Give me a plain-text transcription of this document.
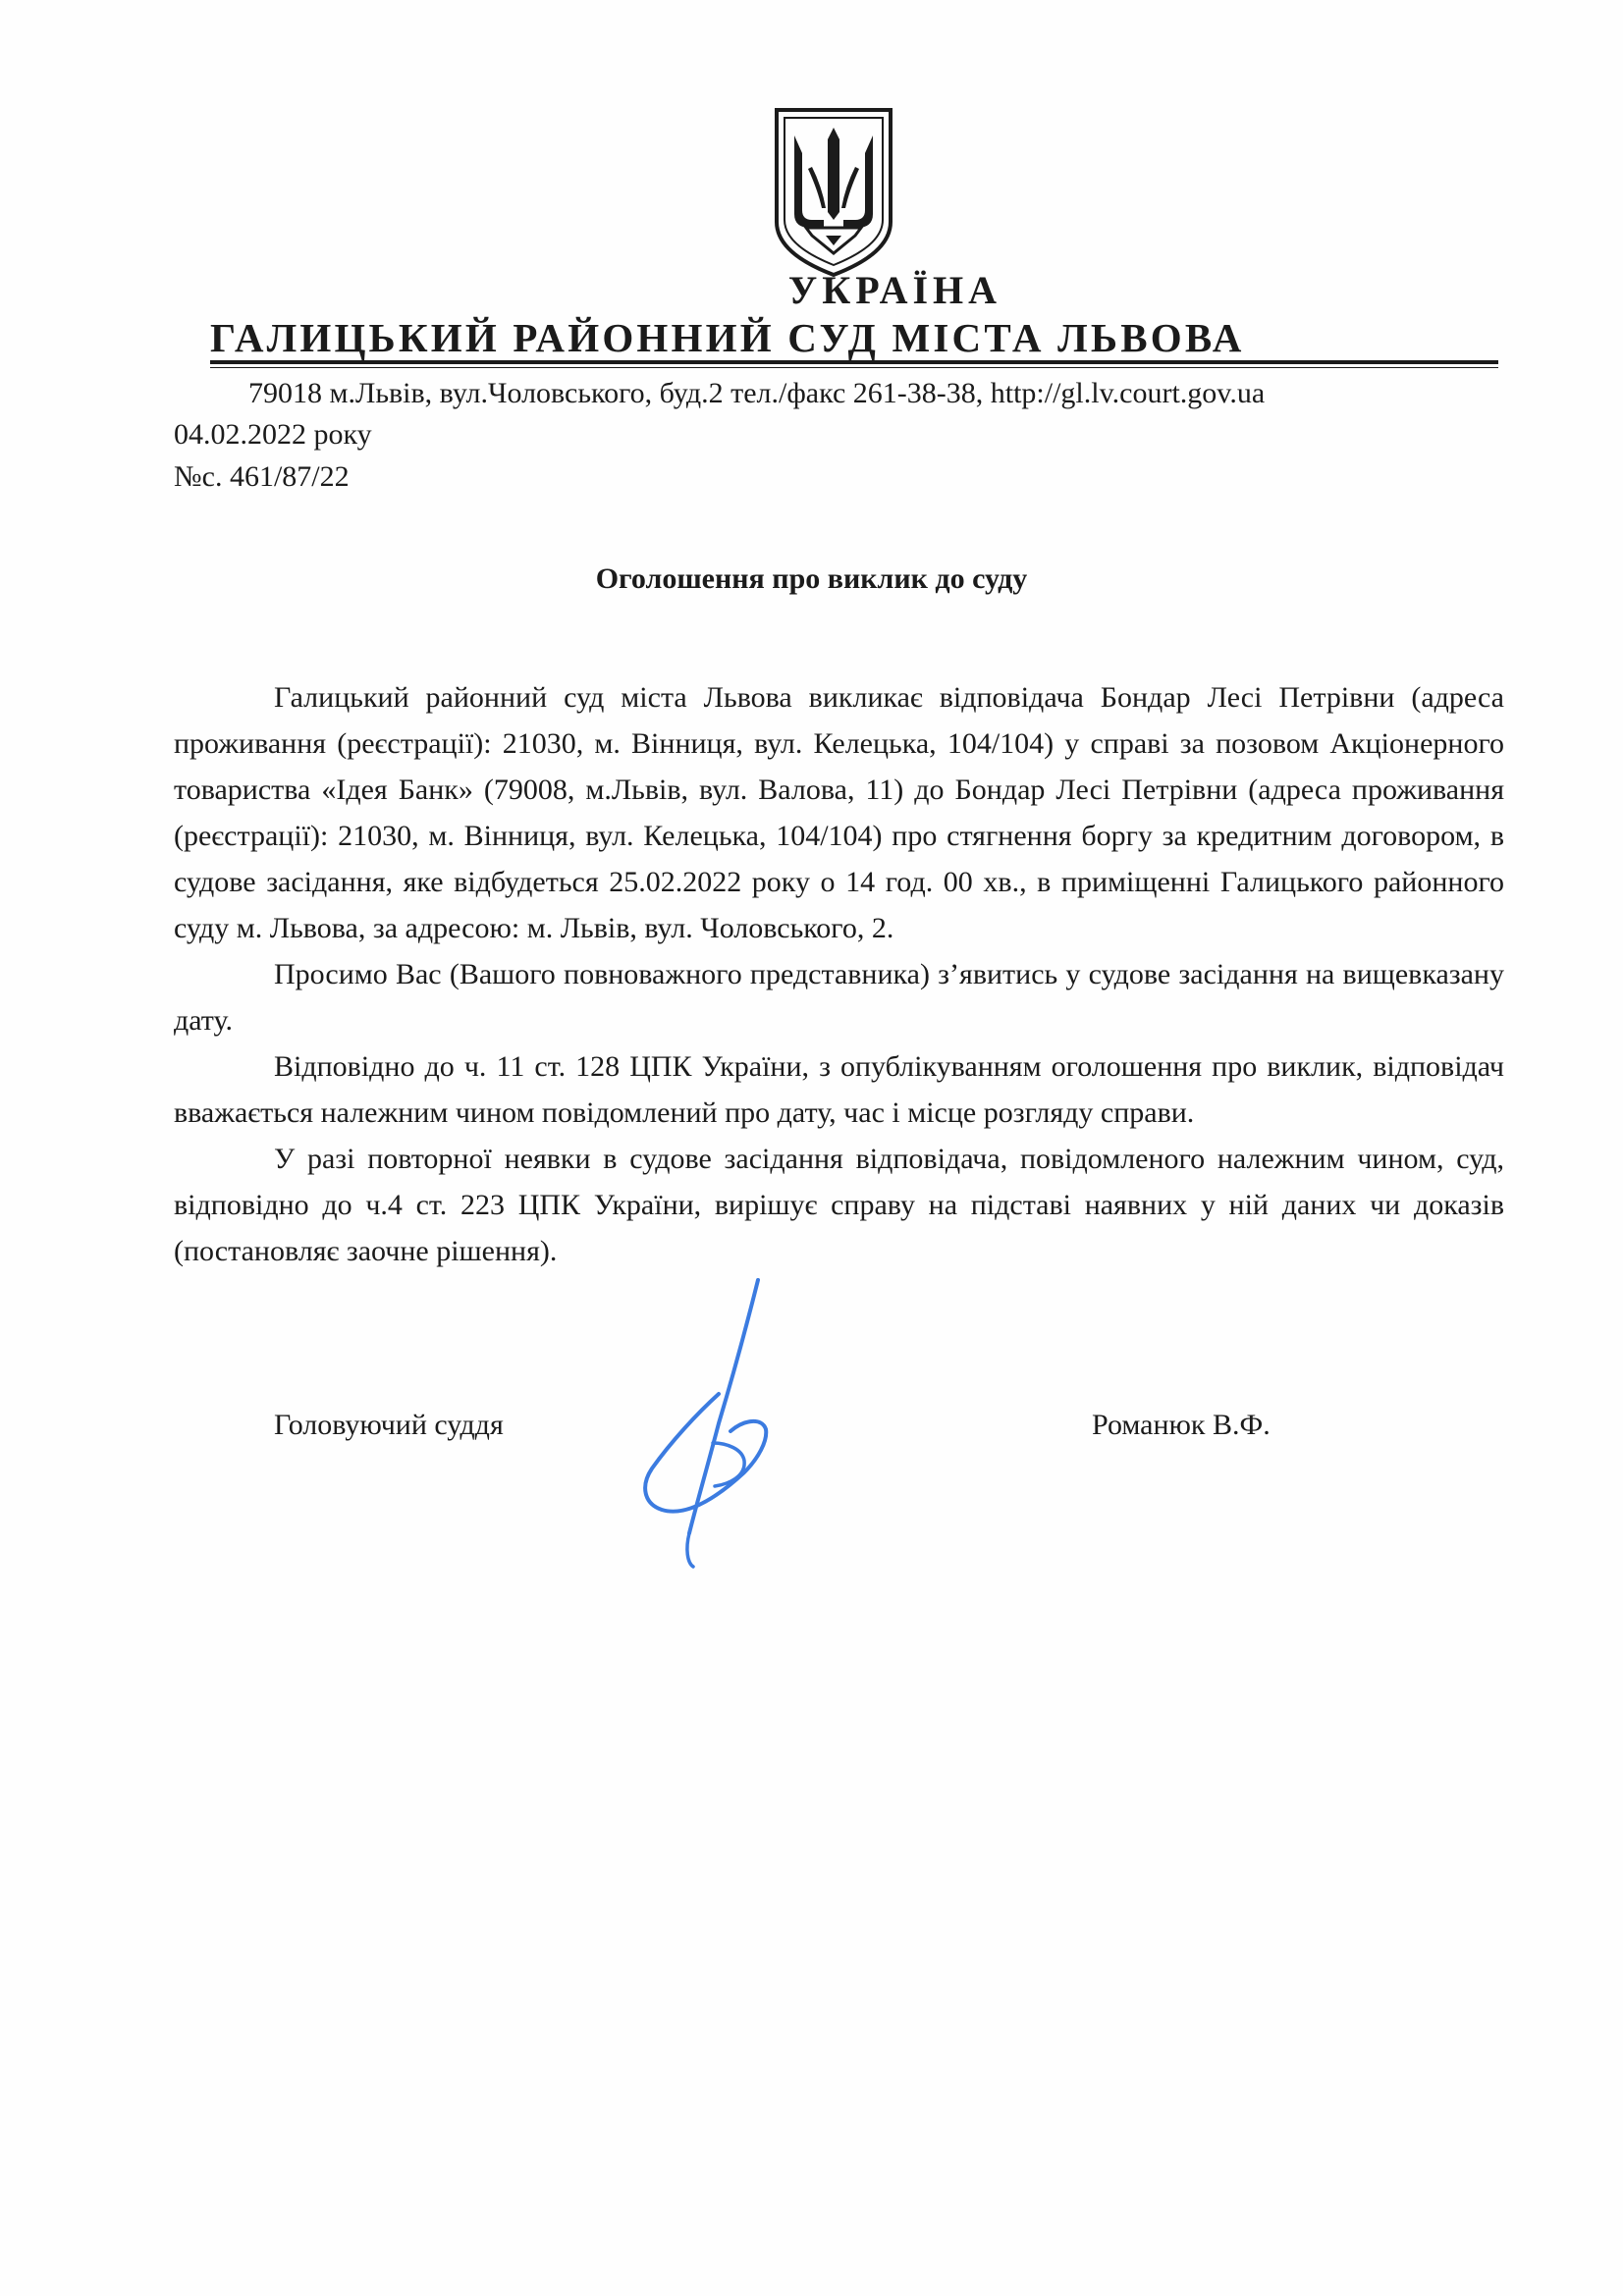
УКРАЇНА
ГАЛИЦЬКИЙ РАЙОННИЙ СУД МІСТА ЛЬВОВА
79018 м.Львів, вул.Чоловського, буд.2 тел./факс 261-38-38, http://gl.lv.court.gov.ua
04.02.2022 року
№с. 461/87/22
Оголошення про виклик до суду

Галицький районний суд міста Львова викликає відповідача Бондар Лесі Петрівни (адреса проживання (реєстрації): 21030, м. Вінниця, вул. Келецька, 104/104) у справі за позовом Акціонерного товариства «Ідея Банк» (79008, м.Львів, вул. Валова, 11) до Бондар Лесі Петрівни (адреса проживання (реєстрації): 21030, м. Вінниця, вул. Келецька, 104/104) про стягнення боргу за кредитним договором, в судове засідання, яке відбудеться 25.02.2022 року о 14 год. 00 хв., в приміщенні Галицького районного суду м. Львова, за адресою: м. Львів, вул. Чоловського, 2.

Просимо Вас (Вашого повноважного представника) з’явитись у судове засідання на вищевказану дату.

Відповідно до ч. 11 ст. 128 ЦПК України, з опублікуванням оголошення про виклик, відповідач вважається належним чином повідомлений про дату, час і місце розгляду справи.

У разі повторної неявки в судове засідання відповідача, повідомленого належним чином, суд, відповідно до ч.4 ст. 223 ЦПК України, вирішує справу на підставі наявних у ній даних чи доказів (постановляє заочне рішення).

Головуючий суддя	Романюк В.Ф.
